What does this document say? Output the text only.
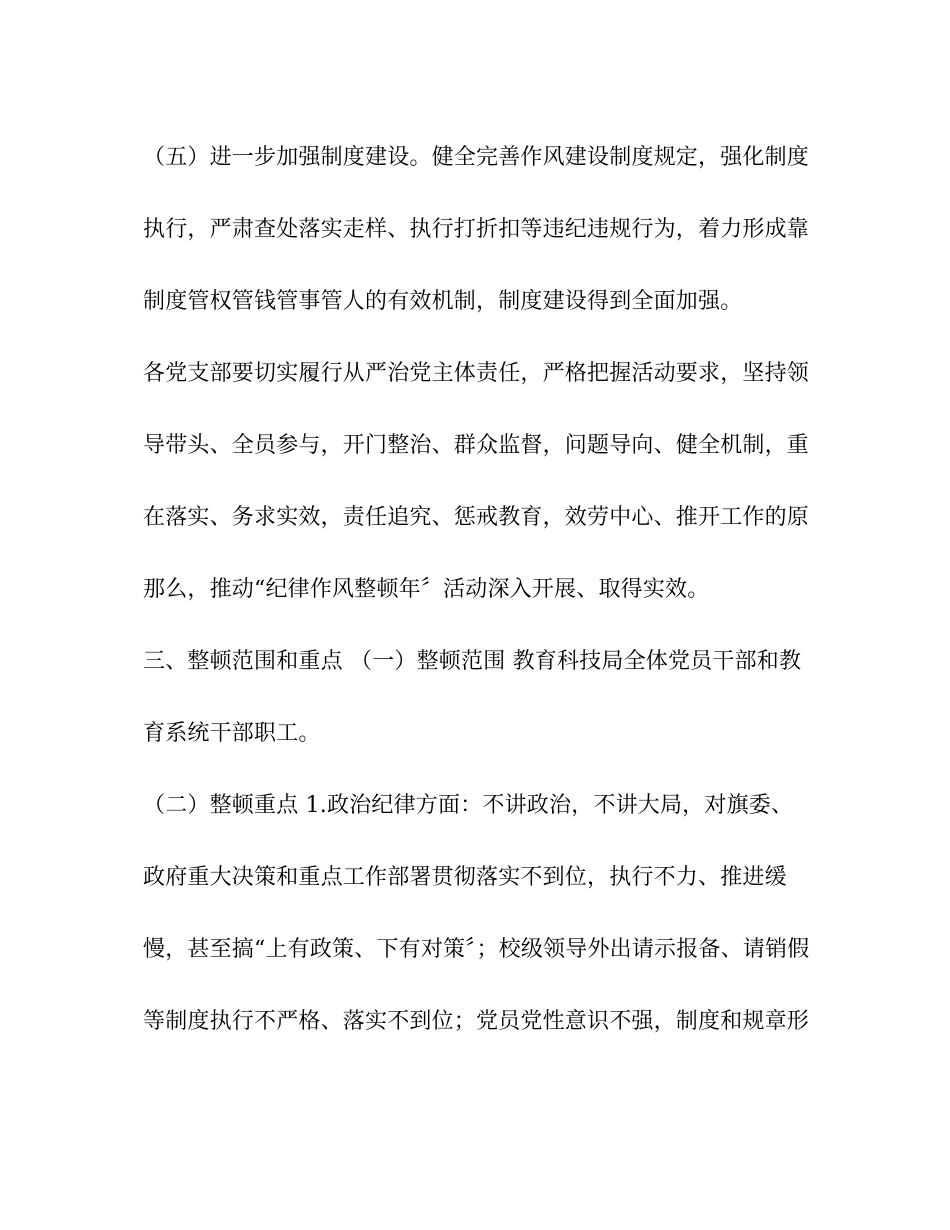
（五）进一步加强制度建设。健全完善作风建设制度规定，强化制度
执行，严肃查处落实走样、执行打折扣等违纪违规行为，着力形成靠
制度管权管钱管事管人的有效机制，制度建设得到全面加强。
各党支部要切实履行从严治党主体责任，严格把握活动要求，坚持领
导带头、全员参与，开门整治、群众监督，问题导向、健全机制，重
在落实、务求实效，责任追究、惩戒教育，效劳中心、推开工作的原
那么，推动“纪律作风整顿年〞活动深入开展、取得实效。
三、整顿范围和重点 （一）整顿范围 教育科技局全体党员干部和教
育系统干部职工。
（二）整顿重点 1.政治纪律方面：不讲政治，不讲大局，对旗委、
政府重大决策和重点工作部署贯彻落实不到位，执行不力、推进缓
慢，甚至搞“上有政策、下有对策〞；校级领导外出请示报备、请销假
等制度执行不严格、落实不到位；党员党性意识不强，制度和规章形
